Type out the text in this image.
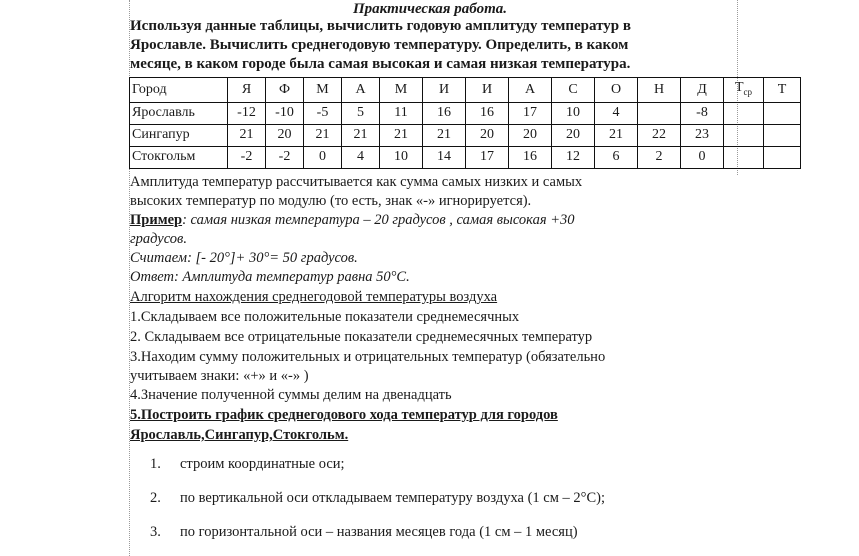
Практическая работа.
Используя данные таблицы, вычислить годовую амплитуду температур в
Ярославле. Вычислить среднегодовую температуру. Определить, в каком
месяце, в каком городе была самая высокая и самая низкая температура.
Город	Я	Ф	М	А	М	И	И	А	С	О	Н	Д	$T_{ср}$	T
Ярославль	-12	-10	-5	5	11	16	16	17	10	4		-8		
Сингапур	21	20	21	21	21	21	20	20	20	21	22	23		
Стокгольм	-2	-2	0	4	10	14	17	16	12	6	2	0		
Амплитуда температур рассчитывается как сумма самых низких и самых
высоких температур по модулю (то есть, знак «-» игнорируется).
Пример: самая низкая температура – 20 градусов , самая высокая +30
градусов.
Считаем: [- 20°]+ 30°= 50 градусов.
Ответ: Амплитуда температур равна 50°С.
Алгоритм нахождения среднегодовой температуры воздуха
1.Складываем все положительные показатели среднемесячных
2. Складываем все отрицательные показатели среднемесячных температур
3.Находим сумму положительных и отрицательных температур (обязательно
учитываем знаки: «+» и «-» )
4.Значение полученной суммы делим на двенадцать
5.Построить график среднегодового хода температур для городов
Ярославль,Сингапур,Стокгольм.
1. строим координатные оси;
2. по вертикальной оси откладываем температуру воздуха (1 см – 2°С);
3. по горизонтальной оси – названия месяцев года (1 см – 1 месяц)
